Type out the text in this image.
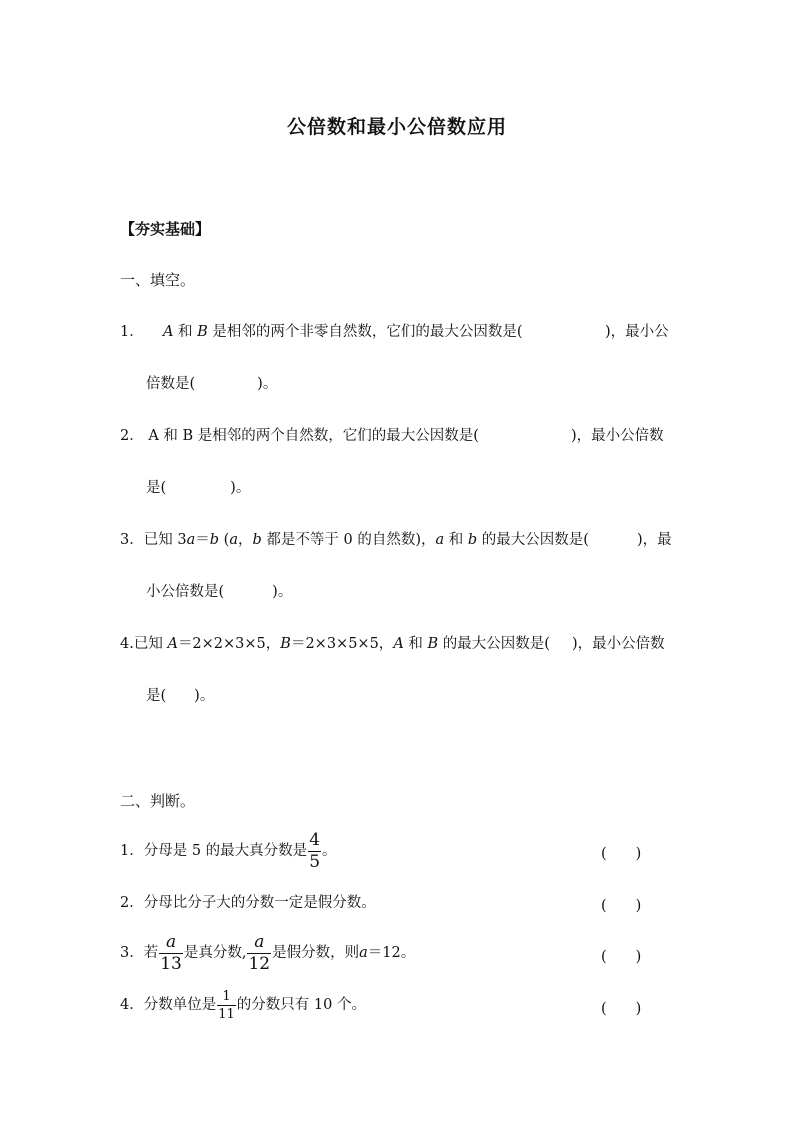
公倍数和最小公倍数应用
【夯实基础】
一、填空。
1． A 和 B 是相邻的两个非零自然数，它们的最大公因数是(	)，最小公
倍数是(	)。
2． A 和 B 是相邻的两个自然数，它们的最大公因数是(	)，最小公倍数
是(	)。
3．已知 3a＝b (a，b 都是不等于 0 的自然数)，a 和 b 的最大公因数是(	)，最
小公倍数是(	)。
4.已知 A＝2×2×3×5，B＝2×3×5×5，A 和 B 的最大公因数是( )，最小公倍数
是( )。
二、判断。
1． 分母是 5 的最大真分数是 $\frac{4}{5}$ 。	(　　)
2．分母比分子大的分数一定是假分数。	(　　)
3． 若 $\frac{a}{13}$ 是真分数, $\frac{a}{12}$ 是假分数，则 a ＝12。	(　　)
4． 分数单位是 $\frac{1}{11}$ 的分数只有 10 个。	(　　)
